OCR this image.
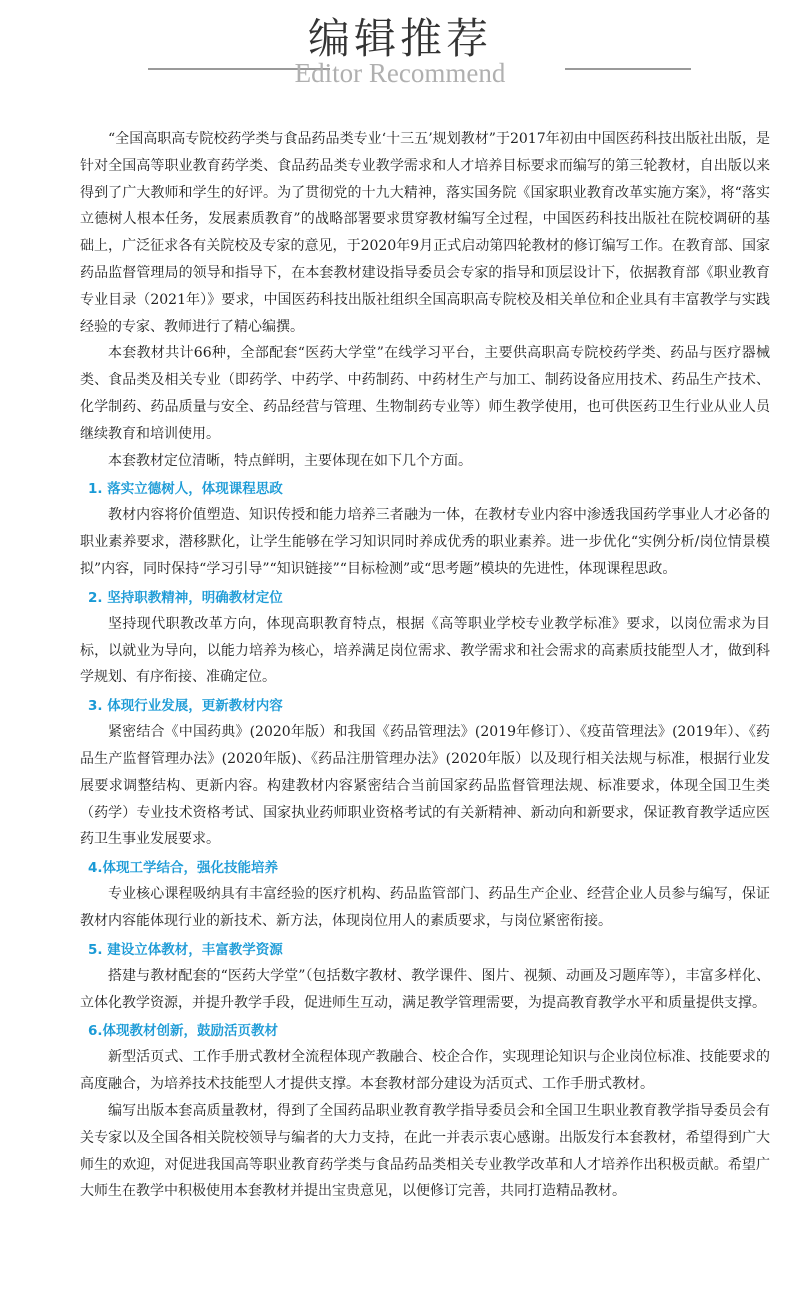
编辑推荐
Editor Recommend

“全国高职高专院校药学类与食品药品类专业‘十三五’规划教材”于2017年初由中国医药科技出版社出版，是针对全国高等职业教育药学类、食品药品类专业教学需求和人才培养目标要求而编写的第三轮教材，自出版以来得到了广大教师和学生的好评。为了贯彻党的十九大精神，落实国务院《国家职业教育改革实施方案》，将“落实立德树人根本任务，发展素质教育”的战略部署要求贯穿教材编写全过程，中国医药科技出版社在院校调研的基础上，广泛征求各有关院校及专家的意见，于2020年9月正式启动第四轮教材的修订编写工作。在教育部、国家药品监督管理局的领导和指导下，在本套教材建设指导委员会专家的指导和顶层设计下，依据教育部《职业教育专业目录（2021年）》要求，中国医药科技出版社组织全国高职高专院校及相关单位和企业具有丰富教学与实践经验的专家、教师进行了精心编撰。

本套教材共计66种，全部配套“医药大学堂”在线学习平台，主要供高职高专院校药学类、药品与医疗器械类、食品类及相关专业（即药学、中药学、中药制药、中药材生产与加工、制药设备应用技术、药品生产技术、化学制药、药品质量与安全、药品经营与管理、生物制药专业等）师生教学使用，也可供医药卫生行业从业人员继续教育和培训使用。

本套教材定位清晰，特点鲜明，主要体现在如下几个方面。

1. 落实立德树人，体现课程思政

教材内容将价值塑造、知识传授和能力培养三者融为一体，在教材专业内容中渗透我国药学事业人才必备的职业素养要求，潜移默化，让学生能够在学习知识同时养成优秀的职业素养。进一步优化“实例分析/岗位情景模拟”内容，同时保持“学习引导”“知识链接”“目标检测”或“思考题”模块的先进性，体现课程思政。

2. 坚持职教精神，明确教材定位

坚持现代职教改革方向，体现高职教育特点，根据《高等职业学校专业教学标准》要求，以岗位需求为目标，以就业为导向，以能力培养为核心，培养满足岗位需求、教学需求和社会需求的高素质技能型人才，做到科学规划、有序衔接、准确定位。

3. 体现行业发展，更新教材内容

紧密结合《中国药典》(2020年版）和我国《药品管理法》(2019年修订）、《疫苗管理法》(2019年）、《药品生产监督管理办法》(2020年版)、《药品注册管理办法》(2020年版）以及现行相关法规与标准，根据行业发展要求调整结构、更新内容。构建教材内容紧密结合当前国家药品监督管理法规、标准要求，体现全国卫生类（药学）专业技术资格考试、国家执业药师职业资格考试的有关新精神、新动向和新要求，保证教育教学适应医药卫生事业发展要求。

4.体现工学结合，强化技能培养

专业核心课程吸纳具有丰富经验的医疗机构、药品监管部门、药品生产企业、经营企业人员参与编写，保证教材内容能体现行业的新技术、新方法，体现岗位用人的素质要求，与岗位紧密衔接。

5. 建设立体教材，丰富教学资源

搭建与教材配套的“医药大学堂”（包括数字教材、教学课件、图片、视频、动画及习题库等），丰富多样化、立体化教学资源，并提升教学手段，促进师生互动，满足教学管理需要，为提高教育教学水平和质量提供支撑。

6.体现教材创新，鼓励活页教材

新型活页式、工作手册式教材全流程体现产教融合、校企合作，实现理论知识与企业岗位标准、技能要求的高度融合，为培养技术技能型人才提供支撑。本套教材部分建设为活页式、工作手册式教材。

编写出版本套高质量教材，得到了全国药品职业教育教学指导委员会和全国卫生职业教育教学指导委员会有关专家以及全国各相关院校领导与编者的大力支持，在此一并表示衷心感谢。出版发行本套教材，希望得到广大师生的欢迎，对促进我国高等职业教育药学类与食品药品类相关专业教学改革和人才培养作出积极贡献。希望广大师生在教学中积极使用本套教材并提出宝贵意见，以便修订完善，共同打造精品教材。
